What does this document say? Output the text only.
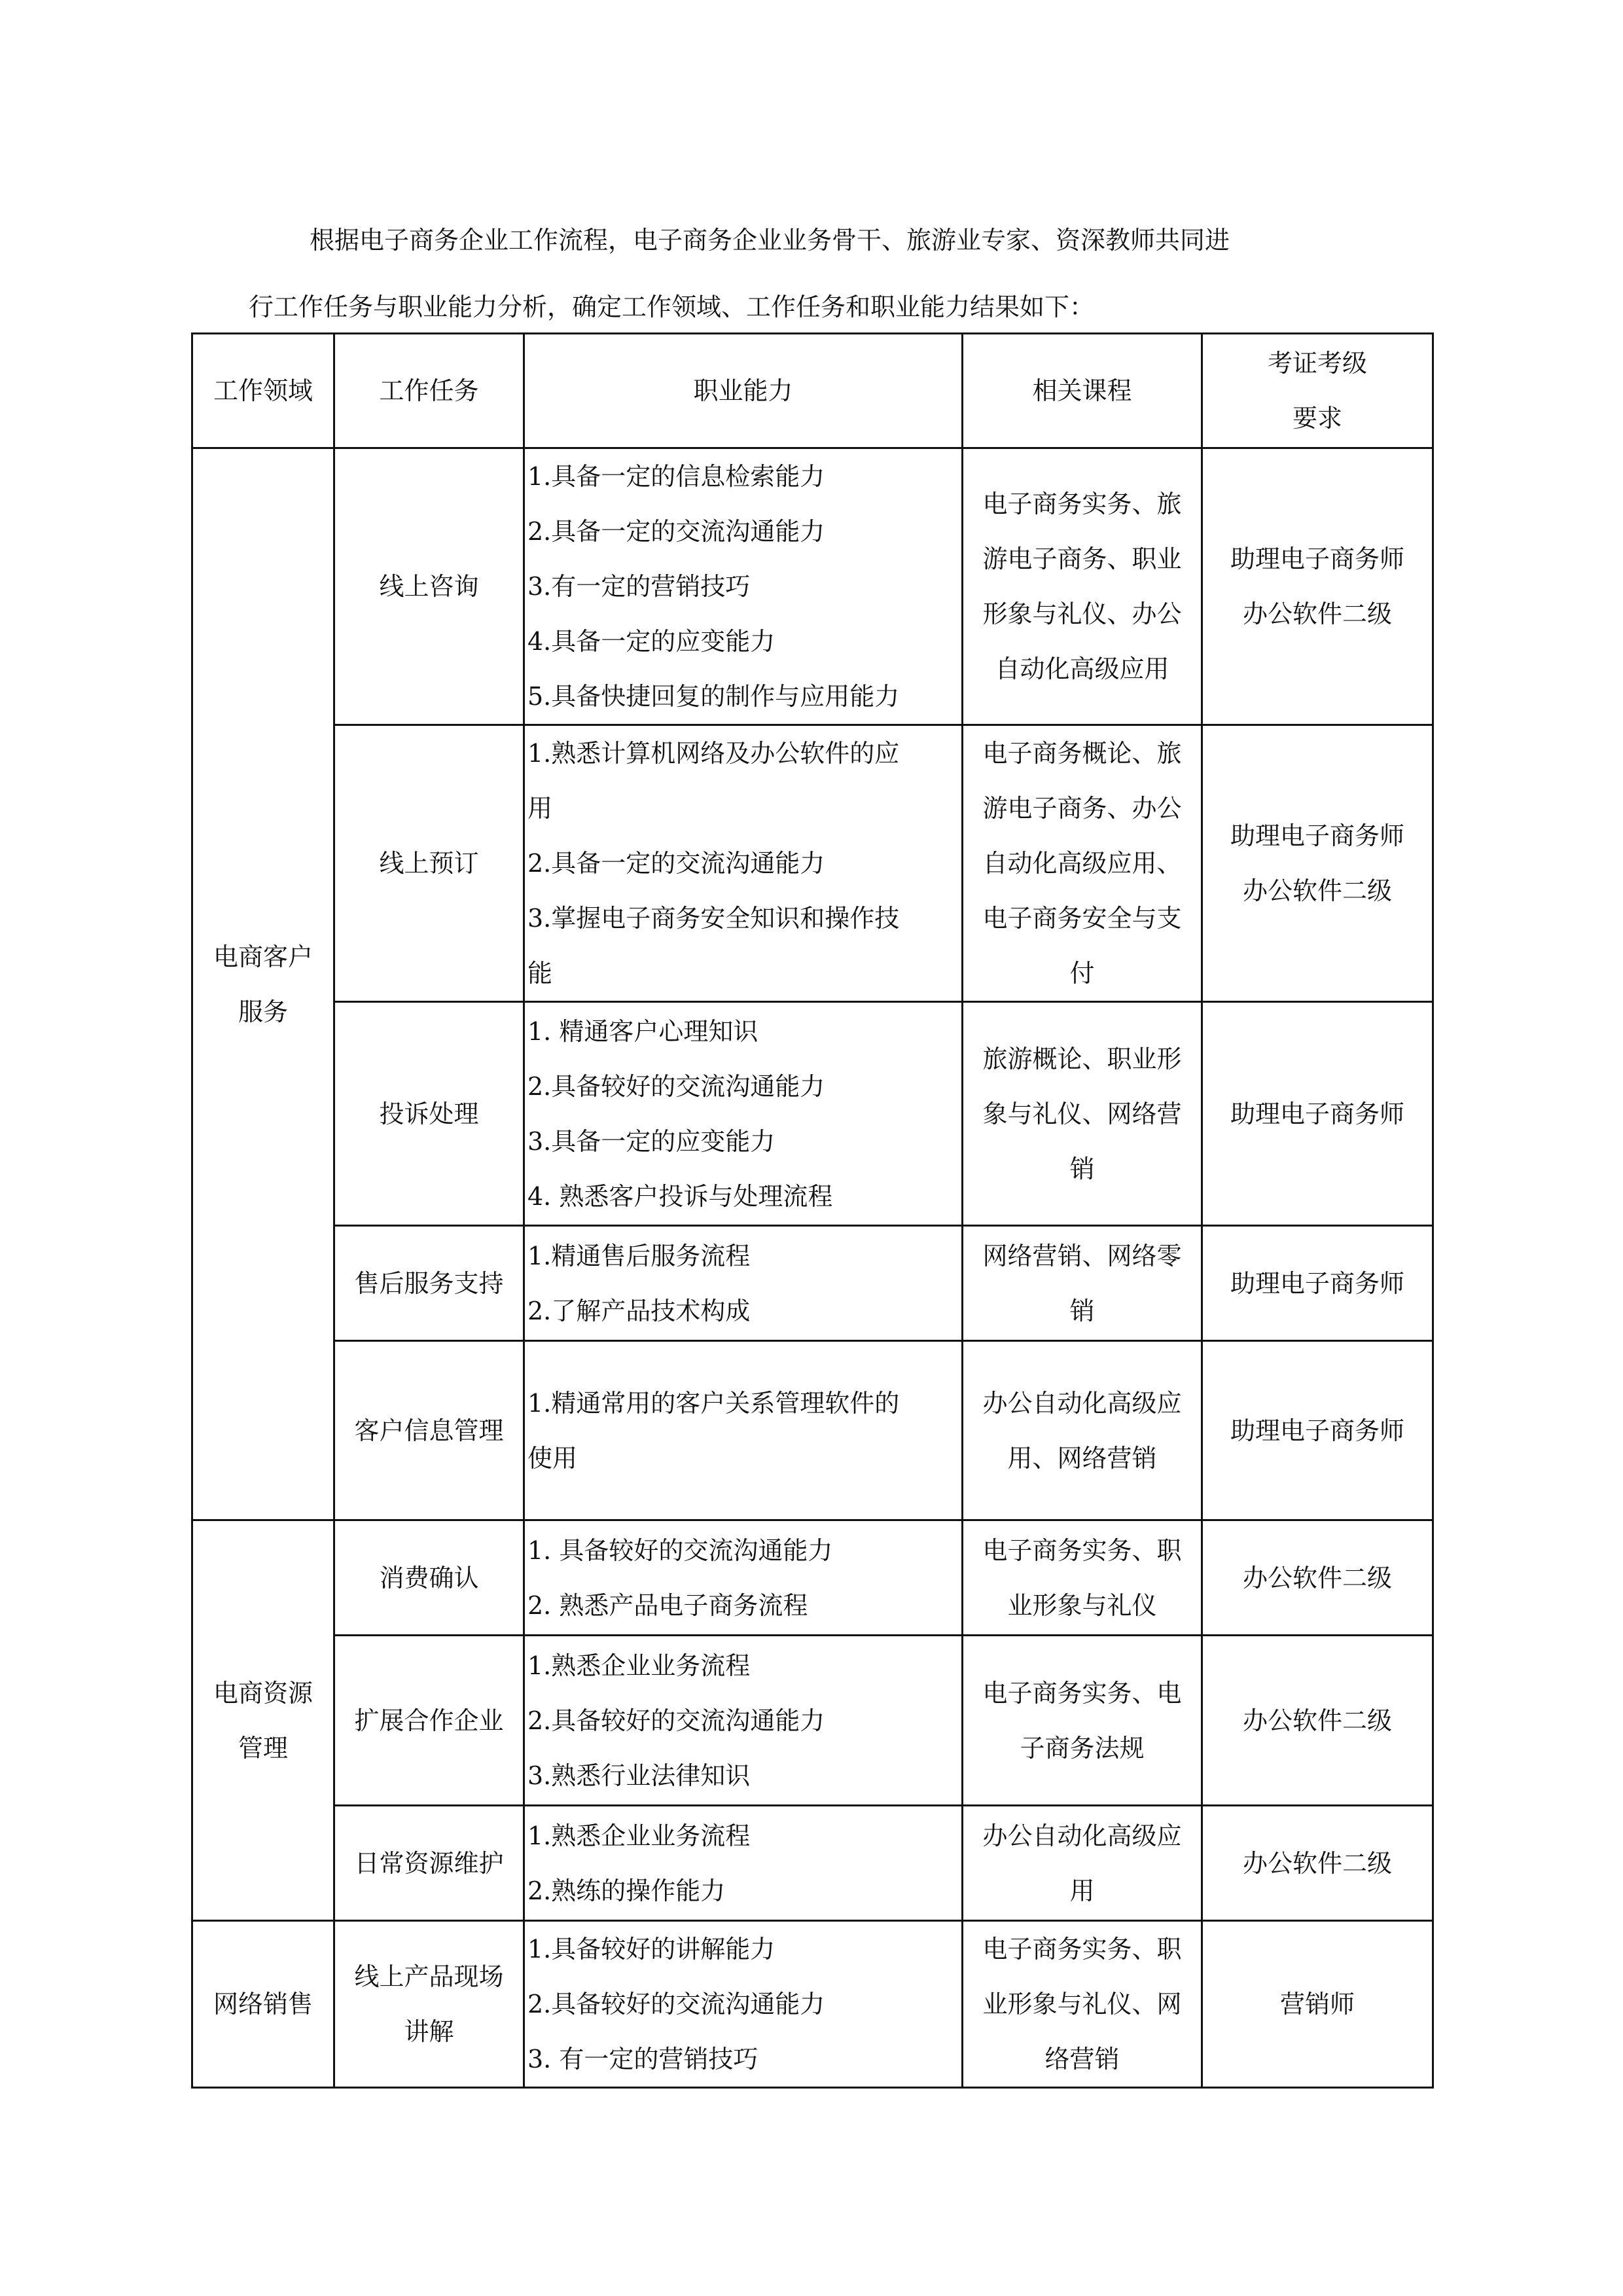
根据电子商务企业工作流程，电子商务企业业务骨干、旅游业专家、资深教师共同进
行工作任务与职业能力分析，确定工作领域、工作任务和职业能力结果如下：
工作领域	工作任务	职业能力	相关课程	考证考级
要求

电商客户
服务	线上咨询	1.具备一定的信息检索能力
2.具备一定的交流沟通能力
3.有一定的营销技巧
4.具备一定的应变能力
5.具备快捷回复的制作与应用能力	电子商务实务、旅
游电子商务、职业
形象与礼仪、办公
自动化高级应用	助理电子商务师
办公软件二级

	线上预订	1.熟悉计算机网络及办公软件的应
用
2.具备一定的交流沟通能力
3.掌握电子商务安全知识和操作技
能	电子商务概论、旅
游电子商务、办公
自动化高级应用、
电子商务安全与支
付	助理电子商务师
办公软件二级

	投诉处理	1. 精通客户心理知识
2.具备较好的交流沟通能力
3.具备一定的应变能力
4. 熟悉客户投诉与处理流程	旅游概论、职业形
象与礼仪、网络营
销	助理电子商务师

	售后服务支持	1.精通售后服务流程
2.了解产品技术构成	网络营销、网络零
销	助理电子商务师

	客户信息管理	1.精通常用的客户关系管理软件的
使用	办公自动化高级应
用、网络营销	助理电子商务师

电商资源
管理	消费确认	1. 具备较好的交流沟通能力
2. 熟悉产品电子商务流程	电子商务实务、职
业形象与礼仪	办公软件二级

	扩展合作企业	1.熟悉企业业务流程
2.具备较好的交流沟通能力
3.熟悉行业法律知识	电子商务实务、电
子商务法规	办公软件二级

	日常资源维护	1.熟悉企业业务流程
2.熟练的操作能力	办公自动化高级应
用	办公软件二级

网络销售	线上产品现场
讲解	1.具备较好的讲解能力
2.具备较好的交流沟通能力
3. 有一定的营销技巧	电子商务实务、职
业形象与礼仪、网
络营销	营销师
